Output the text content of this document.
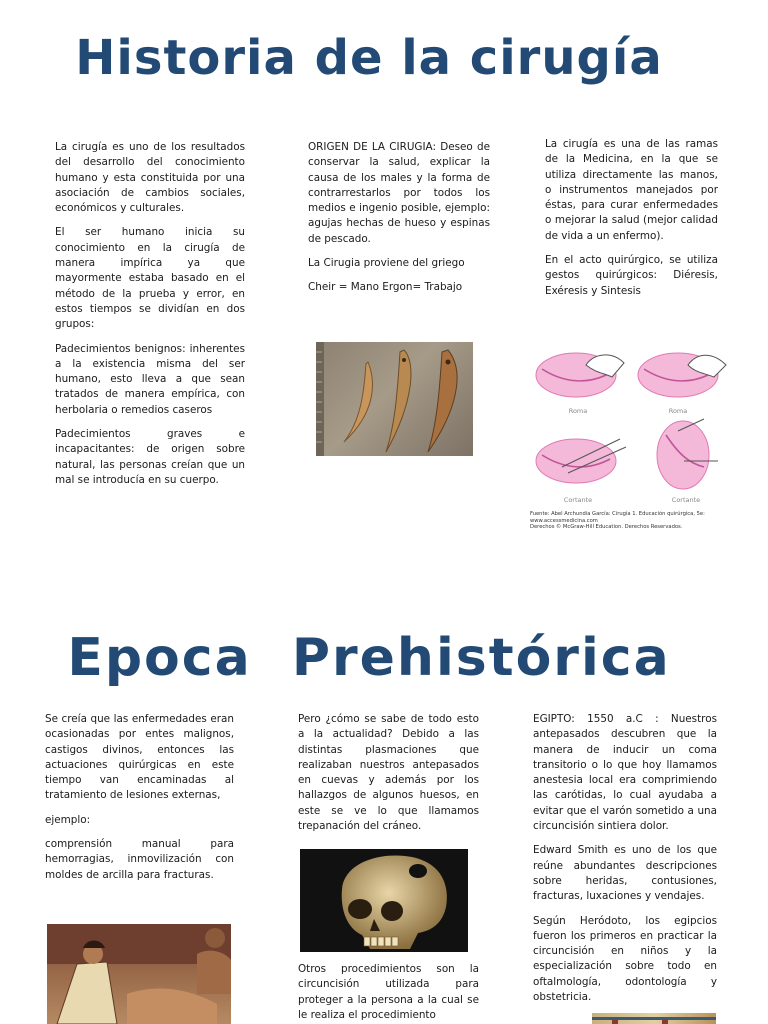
Historia de la cirugía

La cirugía es uno de los resultados del desarrollo del conocimiento humano y esta constituida por una asociación de cambios sociales, económicos y culturales.

El ser humano inicia su conocimiento en la cirugía de manera impírica ya que mayormente estaba basado en el método de la prueba y error, en estos tiempos se dividían en dos grupos:

Padecimientos benignos: inherentes a la existencia misma del ser humano, esto lleva a que sean tratados de manera empírica, con herbolaria o remedios caseros

Padecimientos graves e incapacitantes: de origen sobre natural, las personas creían que un mal se introducía en su cuerpo.

ORIGEN DE LA CIRUGIA: Deseo de conservar la salud, explicar la causa de los males y la forma de contrarrestarlos por todos los medios e ingenio posible, ejemplo: agujas hechas de hueso y espinas de pescado.

La Cirugia proviene del griego

Cheir = Mano Ergon= Trabajo

La cirugía es una de las ramas de la Medicina, en la que se utiliza directamente las manos, o instrumentos manejados por éstas, para curar enfermedades o mejorar la salud (mejor calidad de vida a un enfermo).

En el acto quirúrgico, se utiliza gestos quirúrgicos: Diéresis, Exéresis y Sintesis

Roma	Roma
Cortante	Cortante
Fuente: Abel Archundia García: Cirugía 1. Educación quirúrgica, 5e:
www.accessmedicina.com
Derechos © McGraw-Hill Education. Derechos Reservados.
Epoca  Prehistórica

Se creía que las enfermedades eran ocasionadas por entes malignos, castigos divinos, entonces las actuaciones quirúrgicas en este tiempo van encaminadas al tratamiento de lesiones externas,

ejemplo:

comprensión manual para hemorragias, inmovilización con moldes de arcilla para fracturas.

Pero ¿cómo se sabe de todo esto a la actualidad? Debido a las distintas plasmaciones que realizaban nuestros antepasados en cuevas y además por los hallazgos de algunos huesos, en este se ve lo que llamamos trepanación del cráneo.

Otros procedimientos son la circuncisión utilizada para proteger a la persona a la cual se le realiza el procedimiento

EGIPTO: 1550 a.C : Nuestros antepasados descubren que la manera de inducir un coma transitorio o lo que hoy llamamos anestesia local era comprimiendo las carótidas, lo cual ayudaba a evitar que el varón sometido a una circuncisión sintiera dolor.

Edward Smith es uno de los que reúne abundantes descripciones sobre heridas, contusiones, fracturas, luxaciones y vendajes.

Según Heródoto, los egipcios fueron los primeros en practicar la circuncisión en niños y la especialización sobre todo en oftalmología, odontología y obstetricia.
